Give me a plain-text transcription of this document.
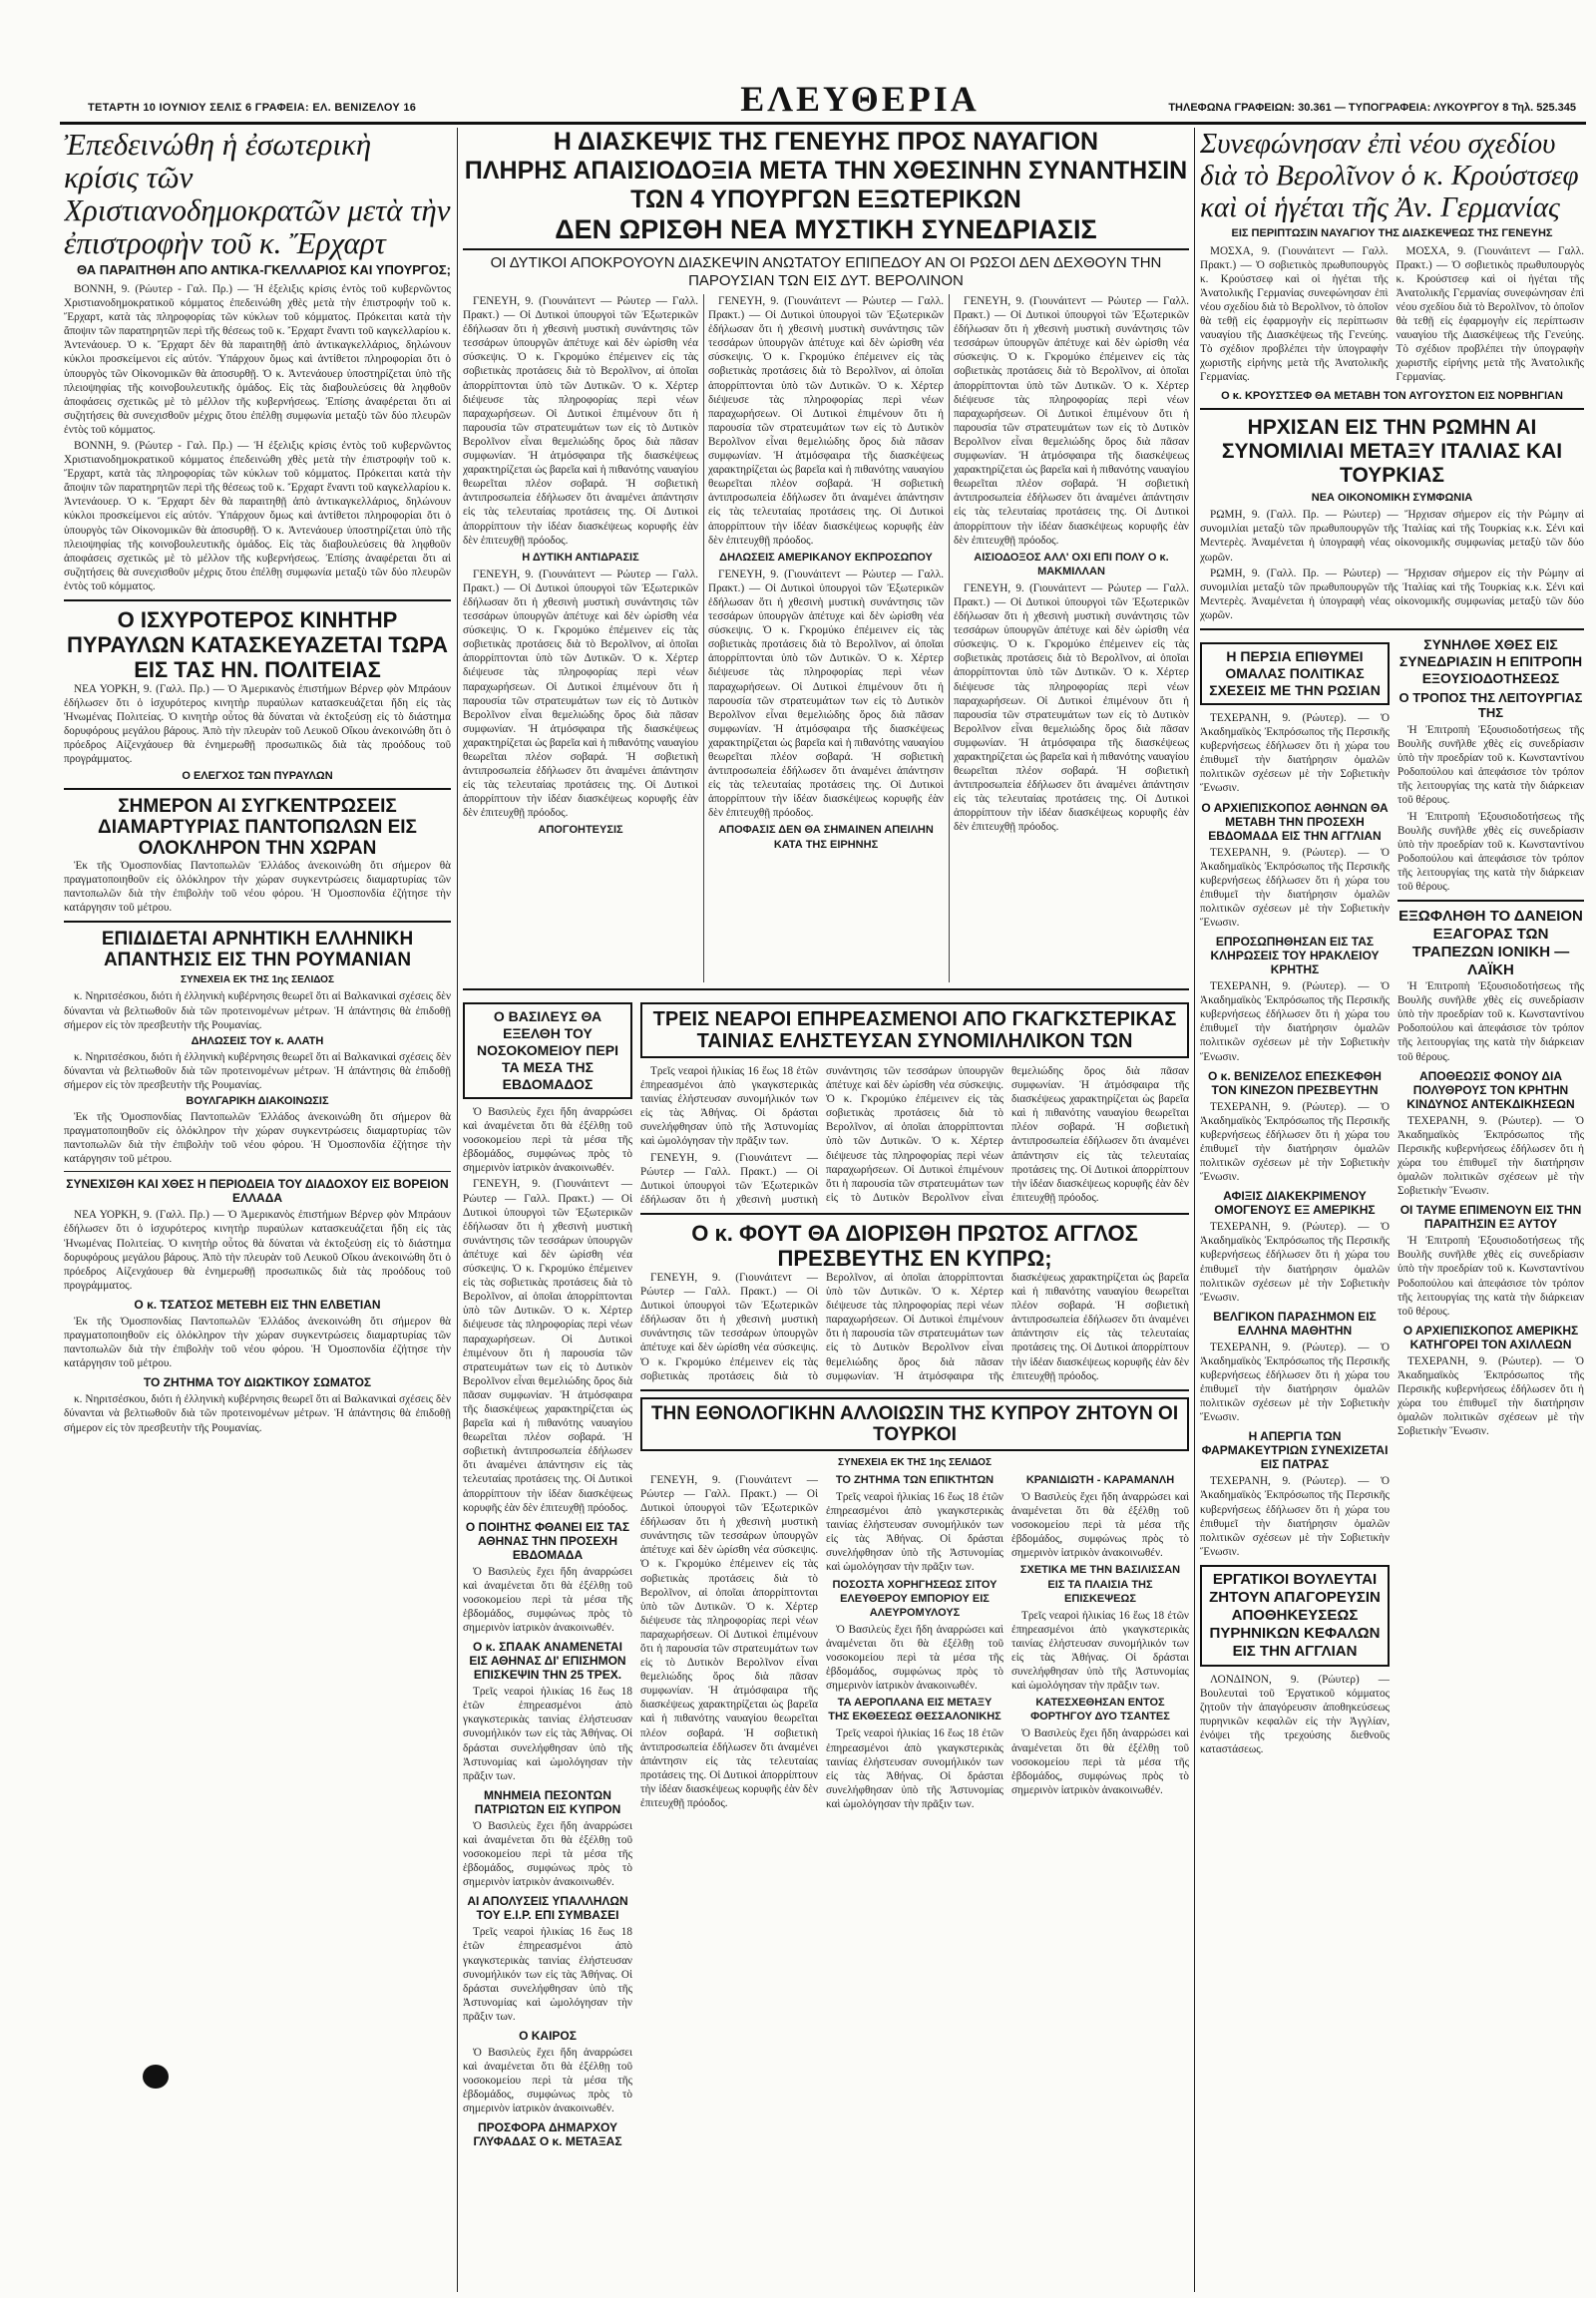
ΤΕΤΑΡΤΗ 10 ΙΟΥΝΙΟΥ ΣΕΛΙΣ 6 ΓΡΑΦΕΙΑ: ΕΛ. ΒΕΝΙΖΕΛΟΥ 16	ΕΛΕΥΘΕΡΙΑ	ΤΗΛΕΦΩΝΑ ΓΡΑΦΕΙΩΝ: 30.361 — ΤΥΠΟΓΡΑΦΕΙΑ: ΛΥΚΟΥΡΓΟΥ 8 Τηλ. 525.345
Ἐπεδεινώθη ἡ ἐσωτερικὴ κρίσις τῶν Χριστιανοδημοκρατῶν μετὰ τὴν ἐπιστροφὴν τοῦ κ. Ἔρχαρτ
ΘΑ ΠΑΡΑΙΤΗΘΗ ΑΠΟ ΑΝΤΙΚΑ-ΓΚΕΛΛΑΡΙΟΣ ΚΑΙ ΥΠΟΥΡΓΟΣ;

ΒΟΝΝΗ, 9. (Ρώυτερ - Γαλ. Πρ.) — Ἡ ἐξελιξις κρίσις ἐντὸς τοῦ κυβερνῶντος Χριστιανοδημοκρατικοῦ κόμματος ἐπεδεινώθη χθὲς μετὰ τὴν ἐπιστροφήν τοῦ κ. Ἔρχαρτ, κατὰ τὰς πληροφορίας τῶν κύκλων τοῦ κόμματος. Πρόκειται κατὰ τὴν ἄποψιν τῶν παρατηρητῶν περὶ τῆς θέσεως τοῦ κ. Ἔρχαρτ ἔναντι τοῦ καγκελλαρίου κ. Ἀντενάουερ. Ὁ κ. Ἔρχαρτ δὲν θὰ παραιτηθῇ ἀπὸ ἀντικαγκελλάριος, δηλώνουν κύκλοι προσκείμενοι εἰς αὐτόν. Ὑπάρχουν ὅμως καὶ ἀντίθετοι πληροφορίαι ὅτι ὁ ὑπουργὸς τῶν Οἰκονομικῶν θὰ ἀποσυρθῇ. Ὁ κ. Ἀντενάουερ ὑποστηρίζεται ὑπὸ τῆς πλειοψηφίας τῆς κοινοβουλευτικῆς ὁμάδος. Εἰς τὰς διαβουλεύσεις θὰ ληφθοῦν ἀποφάσεις σχετικῶς μὲ τὸ μέλλον τῆς κυβερνήσεως. Ἐπίσης ἀναφέρεται ὅτι αἱ συζητήσεις θὰ συνεχισθοῦν μέχρις ὅτου ἐπέλθῃ συμφωνία μεταξὺ τῶν δύο πλευρῶν ἐντὸς τοῦ κόμματος.

ΒΟΝΝΗ, 9. (Ρώυτερ - Γαλ. Πρ.) — Ἡ ἐξελιξις κρίσις ἐντὸς τοῦ κυβερνῶντος Χριστιανοδημοκρατικοῦ κόμματος ἐπεδεινώθη χθὲς μετὰ τὴν ἐπιστροφήν τοῦ κ. Ἔρχαρτ, κατὰ τὰς πληροφορίας τῶν κύκλων τοῦ κόμματος. Πρόκειται κατὰ τὴν ἄποψιν τῶν παρατηρητῶν περὶ τῆς θέσεως τοῦ κ. Ἔρχαρτ ἔναντι τοῦ καγκελλαρίου κ. Ἀντενάουερ. Ὁ κ. Ἔρχαρτ δὲν θὰ παραιτηθῇ ἀπὸ ἀντικαγκελλάριος, δηλώνουν κύκλοι προσκείμενοι εἰς αὐτόν. Ὑπάρχουν ὅμως καὶ ἀντίθετοι πληροφορίαι ὅτι ὁ ὑπουργὸς τῶν Οἰκονομικῶν θὰ ἀποσυρθῇ. Ὁ κ. Ἀντενάουερ ὑποστηρίζεται ὑπὸ τῆς πλειοψηφίας τῆς κοινοβουλευτικῆς ὁμάδος. Εἰς τὰς διαβουλεύσεις θὰ ληφθοῦν ἀποφάσεις σχετικῶς μὲ τὸ μέλλον τῆς κυβερνήσεως. Ἐπίσης ἀναφέρεται ὅτι αἱ συζητήσεις θὰ συνεχισθοῦν μέχρις ὅτου ἐπέλθῃ συμφωνία μεταξὺ τῶν δύο πλευρῶν ἐντὸς τοῦ κόμματος.

Ο ΙΣΧΥΡΟΤΕΡΟΣ ΚΙΝΗΤΗΡ ΠΥΡΑΥΛΩΝ ΚΑΤΑΣΚΕΥΑΖΕΤΑΙ ΤΩΡΑ ΕΙΣ ΤΑΣ ΗΝ. ΠΟΛΙΤΕΙΑΣ

ΝΕΑ ΥΟΡΚΗ, 9. (Γαλλ. Πρ.) — Ὁ Ἀμερικανὸς ἐπιστήμων Βέρνερ φὸν Μπράουν ἐδήλωσεν ὅτι ὁ ἰσχυρότερος κινητὴρ πυραύλων κατασκευάζεται ἤδη εἰς τὰς Ἡνωμένας Πολιτείας. Ὁ κινητὴρ οὗτος θὰ δύναται νὰ ἐκτοξεύσῃ εἰς τὸ διάστημα δορυφόρους μεγάλου βάρους. Ἀπὸ τὴν πλευρὰν τοῦ Λευκοῦ Οἴκου ἀνεκοινώθη ὅτι ὁ πρόεδρος Αἰζενχάουερ θὰ ἐνημερωθῇ προσωπικῶς διὰ τὰς προόδους τοῦ προγράμματος.

Ο ΕΛΕΓΧΟΣ ΤΩΝ ΠΥΡΑΥΛΩΝ
ΣΗΜΕΡΟΝ ΑΙ ΣΥΓΚΕΝΤΡΩΣΕΙΣ ΔΙΑΜΑΡΤΥΡΙΑΣ ΠΑΝΤΟΠΩΛΩΝ ΕΙΣ ΟΛΟΚΛΗΡΟΝ ΤΗΝ ΧΩΡΑΝ

Ἐκ τῆς Ὁμοσπονδίας Παντοπωλῶν Ἑλλάδος ἀνεκοινώθη ὅτι σήμερον θὰ πραγματοποιηθοῦν εἰς ὁλόκληρον τὴν χώραν συγκεντρώσεις διαμαρτυρίας τῶν παντοπωλῶν διὰ τὴν ἐπιβολὴν τοῦ νέου φόρου. Ἡ Ὁμοσπονδία ἐζήτησε τὴν κατάργησιν τοῦ μέτρου.

ΕΠΙΔΙΔΕΤΑΙ ΑΡΝΗΤΙΚΗ ΕΛΛΗΝΙΚΗ ΑΠΑΝΤΗΣΙΣ ΕΙΣ ΤΗΝ ΡΟΥΜΑΝΙΑΝ
ΣΥΝΕΧΕΙΑ ΕΚ ΤΗΣ 1ης ΣΕΛΙΔΟΣ

κ. Νηριτσέσκου, διότι ἡ ἐλληνικὴ κυβέρνησις θεωρεῖ ὅτι αἱ Βαλκανικαὶ σχέσεις δὲν δύνανται νὰ βελτιωθοῦν διὰ τῶν προτεινομένων μέτρων. Ἡ ἀπάντησις θὰ ἐπιδοθῇ σήμερον εἰς τὸν πρεσβευτὴν τῆς Ρουμανίας.

ΔΗΛΩΣΕΙΣ ΤΟΥ κ. ΑΛΑΤΗ

κ. Νηριτσέσκου, διότι ἡ ἐλληνικὴ κυβέρνησις θεωρεῖ ὅτι αἱ Βαλκανικαὶ σχέσεις δὲν δύνανται νὰ βελτιωθοῦν διὰ τῶν προτεινομένων μέτρων. Ἡ ἀπάντησις θὰ ἐπιδοθῇ σήμερον εἰς τὸν πρεσβευτὴν τῆς Ρουμανίας.

ΒΟΥΛΓΑΡΙΚΗ ΔΙΑΚΟΙΝΩΣΙΣ

Ἐκ τῆς Ὁμοσπονδίας Παντοπωλῶν Ἑλλάδος ἀνεκοινώθη ὅτι σήμερον θὰ πραγματοποιηθοῦν εἰς ὁλόκληρον τὴν χώραν συγκεντρώσεις διαμαρτυρίας τῶν παντοπωλῶν διὰ τὴν ἐπιβολὴν τοῦ νέου φόρου. Ἡ Ὁμοσπονδία ἐζήτησε τὴν κατάργησιν τοῦ μέτρου.

ΣΥΝΕΧΙΣΘΗ ΚΑΙ ΧΘΕΣ Η ΠΕΡΙΟΔΕΙΑ ΤΟΥ ΔΙΑΔΟΧΟΥ ΕΙΣ ΒΟΡΕΙΟΝ ΕΛΛΑΔΑ

ΝΕΑ ΥΟΡΚΗ, 9. (Γαλλ. Πρ.) — Ὁ Ἀμερικανὸς ἐπιστήμων Βέρνερ φὸν Μπράουν ἐδήλωσεν ὅτι ὁ ἰσχυρότερος κινητὴρ πυραύλων κατασκευάζεται ἤδη εἰς τὰς Ἡνωμένας Πολιτείας. Ὁ κινητὴρ οὗτος θὰ δύναται νὰ ἐκτοξεύσῃ εἰς τὸ διάστημα δορυφόρους μεγάλου βάρους. Ἀπὸ τὴν πλευρὰν τοῦ Λευκοῦ Οἴκου ἀνεκοινώθη ὅτι ὁ πρόεδρος Αἰζενχάουερ θὰ ἐνημερωθῇ προσωπικῶς διὰ τὰς προόδους τοῦ προγράμματος.

Ο κ. ΤΣΑΤΣΟΣ ΜΕΤΕΒΗ ΕΙΣ ΤΗΝ ΕΛΒΕΤΙΑΝ

Ἐκ τῆς Ὁμοσπονδίας Παντοπωλῶν Ἑλλάδος ἀνεκοινώθη ὅτι σήμερον θὰ πραγματοποιηθοῦν εἰς ὁλόκληρον τὴν χώραν συγκεντρώσεις διαμαρτυρίας τῶν παντοπωλῶν διὰ τὴν ἐπιβολὴν τοῦ νέου φόρου. Ἡ Ὁμοσπονδία ἐζήτησε τὴν κατάργησιν τοῦ μέτρου.

ΤΟ ΖΗΤΗΜΑ ΤΟΥ ΔΙΩΚΤΙΚΟΥ ΣΩΜΑΤΟΣ

κ. Νηριτσέσκου, διότι ἡ ἐλληνικὴ κυβέρνησις θεωρεῖ ὅτι αἱ Βαλκανικαὶ σχέσεις δὲν δύνανται νὰ βελτιωθοῦν διὰ τῶν προτεινομένων μέτρων. Ἡ ἀπάντησις θὰ ἐπιδοθῇ σήμερον εἰς τὸν πρεσβευτὴν τῆς Ρουμανίας.

Η ΔΙΑΣΚΕΨΙΣ ΤΗΣ ΓΕΝΕΥΗΣ ΠΡΟΣ ΝΑΥΑΓΙΟΝ
ΠΛΗΡΗΣ ΑΠΑΙΣΙΟΔΟΞΙΑ ΜΕΤΑ ΤΗΝ ΧΘΕΣΙΝΗΝ ΣΥΝΑΝΤΗΣΙΝ ΤΩΝ 4 ΥΠΟΥΡΓΩΝ ΕΞΩΤΕΡΙΚΩΝ
ΔΕΝ ΩΡΙΣΘΗ ΝΕΑ ΜΥΣΤΙΚΗ ΣΥΝΕΔΡΙΑΣΙΣ
ΟΙ ΔΥΤΙΚΟΙ ΑΠΟΚΡΟΥΟΥΝ ΔΙΑΣΚΕΨΙΝ ΑΝΩΤΑΤΟΥ ΕΠΙΠΕΔΟΥ ΑΝ ΟΙ ΡΩΣΟΙ ΔΕΝ ΔΕΧΘΟΥΝ ΤΗΝ ΠΑΡΟΥΣΙΑΝ ΤΩΝ ΕΙΣ ΔΥΤ. ΒΕΡΟΛΙΝΟΝ

ΓΕΝΕΥΗ, 9. (Γιουνάιτεντ — Ρώυτερ — Γαλλ. Πρακτ.) — Οἱ Δυτικοὶ ὑπουργοὶ τῶν Ἐξωτερικῶν ἐδήλωσαν ὅτι ἡ χθεσινὴ μυστικὴ συνάντησις τῶν τεσσάρων ὑπουργῶν ἀπέτυχε καὶ δὲν ὡρίσθη νέα σύσκεψις. Ὁ κ. Γκρομύκο ἐπέμεινεν εἰς τὰς σοβιετικὰς προτάσεις διὰ τὸ Βερολῖνον, αἱ ὁποῖαι ἀπορρίπτονται ὑπὸ τῶν Δυτικῶν. Ὁ κ. Χέρτερ διέψευσε τὰς πληροφορίας περὶ νέων παραχωρήσεων. Οἱ Δυτικοὶ ἐπιμένουν ὅτι ἡ παρουσία τῶν στρατευμάτων των εἰς τὸ Δυτικὸν Βερολῖνον εἶναι θεμελιώδης ὅρος διὰ πᾶσαν συμφωνίαν. Ἡ ἀτμόσφαιρα τῆς διασκέψεως χαρακτηρίζεται ὡς βαρεῖα καὶ ἡ πιθανότης ναυαγίου θεωρεῖται πλέον σοβαρά. Ἡ σοβιετικὴ ἀντιπροσωπεία ἐδήλωσεν ὅτι ἀναμένει ἀπάντησιν εἰς τὰς τελευταίας προτάσεις της. Οἱ Δυτικοὶ ἀπορρίπτουν τὴν ἰδέαν διασκέψεως κορυφῆς ἐὰν δὲν ἐπιτευχθῇ πρόοδος.

Η ΔΥΤΙΚΗ ΑΝΤΙΔΡΑΣΙΣ

ΓΕΝΕΥΗ, 9. (Γιουνάιτεντ — Ρώυτερ — Γαλλ. Πρακτ.) — Οἱ Δυτικοὶ ὑπουργοὶ τῶν Ἐξωτερικῶν ἐδήλωσαν ὅτι ἡ χθεσινὴ μυστικὴ συνάντησις τῶν τεσσάρων ὑπουργῶν ἀπέτυχε καὶ δὲν ὡρίσθη νέα σύσκεψις. Ὁ κ. Γκρομύκο ἐπέμεινεν εἰς τὰς σοβιετικὰς προτάσεις διὰ τὸ Βερολῖνον, αἱ ὁποῖαι ἀπορρίπτονται ὑπὸ τῶν Δυτικῶν. Ὁ κ. Χέρτερ διέψευσε τὰς πληροφορίας περὶ νέων παραχωρήσεων. Οἱ Δυτικοὶ ἐπιμένουν ὅτι ἡ παρουσία τῶν στρατευμάτων των εἰς τὸ Δυτικὸν Βερολῖνον εἶναι θεμελιώδης ὅρος διὰ πᾶσαν συμφωνίαν. Ἡ ἀτμόσφαιρα τῆς διασκέψεως χαρακτηρίζεται ὡς βαρεῖα καὶ ἡ πιθανότης ναυαγίου θεωρεῖται πλέον σοβαρά. Ἡ σοβιετικὴ ἀντιπροσωπεία ἐδήλωσεν ὅτι ἀναμένει ἀπάντησιν εἰς τὰς τελευταίας προτάσεις της. Οἱ Δυτικοὶ ἀπορρίπτουν τὴν ἰδέαν διασκέψεως κορυφῆς ἐὰν δὲν ἐπιτευχθῇ πρόοδος.

ΑΠΟΓΟΗΤΕΥΣΙΣ

ΓΕΝΕΥΗ, 9. (Γιουνάιτεντ — Ρώυτερ — Γαλλ. Πρακτ.) — Οἱ Δυτικοὶ ὑπουργοὶ τῶν Ἐξωτερικῶν ἐδήλωσαν ὅτι ἡ χθεσινὴ μυστικὴ συνάντησις τῶν τεσσάρων ὑπουργῶν ἀπέτυχε καὶ δὲν ὡρίσθη νέα σύσκεψις. Ὁ κ. Γκρομύκο ἐπέμεινεν εἰς τὰς σοβιετικὰς προτάσεις διὰ τὸ Βερολῖνον, αἱ ὁποῖαι ἀπορρίπτονται ὑπὸ τῶν Δυτικῶν. Ὁ κ. Χέρτερ διέψευσε τὰς πληροφορίας περὶ νέων παραχωρήσεων. Οἱ Δυτικοὶ ἐπιμένουν ὅτι ἡ παρουσία τῶν στρατευμάτων των εἰς τὸ Δυτικὸν Βερολῖνον εἶναι θεμελιώδης ὅρος διὰ πᾶσαν συμφωνίαν. Ἡ ἀτμόσφαιρα τῆς διασκέψεως χαρακτηρίζεται ὡς βαρεῖα καὶ ἡ πιθανότης ναυαγίου θεωρεῖται πλέον σοβαρά. Ἡ σοβιετικὴ ἀντιπροσωπεία ἐδήλωσεν ὅτι ἀναμένει ἀπάντησιν εἰς τὰς τελευταίας προτάσεις της. Οἱ Δυτικοὶ ἀπορρίπτουν τὴν ἰδέαν διασκέψεως κορυφῆς ἐὰν δὲν ἐπιτευχθῇ πρόοδος.

ΔΗΛΩΣΕΙΣ ΑΜΕΡΙΚΑΝΟΥ ΕΚΠΡΟΣΩΠΟΥ

ΓΕΝΕΥΗ, 9. (Γιουνάιτεντ — Ρώυτερ — Γαλλ. Πρακτ.) — Οἱ Δυτικοὶ ὑπουργοὶ τῶν Ἐξωτερικῶν ἐδήλωσαν ὅτι ἡ χθεσινὴ μυστικὴ συνάντησις τῶν τεσσάρων ὑπουργῶν ἀπέτυχε καὶ δὲν ὡρίσθη νέα σύσκεψις. Ὁ κ. Γκρομύκο ἐπέμεινεν εἰς τὰς σοβιετικὰς προτάσεις διὰ τὸ Βερολῖνον, αἱ ὁποῖαι ἀπορρίπτονται ὑπὸ τῶν Δυτικῶν. Ὁ κ. Χέρτερ διέψευσε τὰς πληροφορίας περὶ νέων παραχωρήσεων. Οἱ Δυτικοὶ ἐπιμένουν ὅτι ἡ παρουσία τῶν στρατευμάτων των εἰς τὸ Δυτικὸν Βερολῖνον εἶναι θεμελιώδης ὅρος διὰ πᾶσαν συμφωνίαν. Ἡ ἀτμόσφαιρα τῆς διασκέψεως χαρακτηρίζεται ὡς βαρεῖα καὶ ἡ πιθανότης ναυαγίου θεωρεῖται πλέον σοβαρά. Ἡ σοβιετικὴ ἀντιπροσωπεία ἐδήλωσεν ὅτι ἀναμένει ἀπάντησιν εἰς τὰς τελευταίας προτάσεις της. Οἱ Δυτικοὶ ἀπορρίπτουν τὴν ἰδέαν διασκέψεως κορυφῆς ἐὰν δὲν ἐπιτευχθῇ πρόοδος.

ΑΠΟΦΑΣΙΣ ΔΕΝ ΘΑ ΣΗΜΑΙΝΕΝ ΑΠΕΙΛΗΝ ΚΑΤΑ ΤΗΣ ΕΙΡΗΝΗΣ

ΓΕΝΕΥΗ, 9. (Γιουνάιτεντ — Ρώυτερ — Γαλλ. Πρακτ.) — Οἱ Δυτικοὶ ὑπουργοὶ τῶν Ἐξωτερικῶν ἐδήλωσαν ὅτι ἡ χθεσινὴ μυστικὴ συνάντησις τῶν τεσσάρων ὑπουργῶν ἀπέτυχε καὶ δὲν ὡρίσθη νέα σύσκεψις. Ὁ κ. Γκρομύκο ἐπέμεινεν εἰς τὰς σοβιετικὰς προτάσεις διὰ τὸ Βερολῖνον, αἱ ὁποῖαι ἀπορρίπτονται ὑπὸ τῶν Δυτικῶν. Ὁ κ. Χέρτερ διέψευσε τὰς πληροφορίας περὶ νέων παραχωρήσεων. Οἱ Δυτικοὶ ἐπιμένουν ὅτι ἡ παρουσία τῶν στρατευμάτων των εἰς τὸ Δυτικὸν Βερολῖνον εἶναι θεμελιώδης ὅρος διὰ πᾶσαν συμφωνίαν. Ἡ ἀτμόσφαιρα τῆς διασκέψεως χαρακτηρίζεται ὡς βαρεῖα καὶ ἡ πιθανότης ναυαγίου θεωρεῖται πλέον σοβαρά. Ἡ σοβιετικὴ ἀντιπροσωπεία ἐδήλωσεν ὅτι ἀναμένει ἀπάντησιν εἰς τὰς τελευταίας προτάσεις της. Οἱ Δυτικοὶ ἀπορρίπτουν τὴν ἰδέαν διασκέψεως κορυφῆς ἐὰν δὲν ἐπιτευχθῇ πρόοδος.

ΑΙΣΙΟΔΟΞΟΣ ΑΛΛ' ΟΧΙ ΕΠΙ ΠΟΛΥ Ο κ. ΜΑΚΜΙΛΛΑΝ

ΓΕΝΕΥΗ, 9. (Γιουνάιτεντ — Ρώυτερ — Γαλλ. Πρακτ.) — Οἱ Δυτικοὶ ὑπουργοὶ τῶν Ἐξωτερικῶν ἐδήλωσαν ὅτι ἡ χθεσινὴ μυστικὴ συνάντησις τῶν τεσσάρων ὑπουργῶν ἀπέτυχε καὶ δὲν ὡρίσθη νέα σύσκεψις. Ὁ κ. Γκρομύκο ἐπέμεινεν εἰς τὰς σοβιετικὰς προτάσεις διὰ τὸ Βερολῖνον, αἱ ὁποῖαι ἀπορρίπτονται ὑπὸ τῶν Δυτικῶν. Ὁ κ. Χέρτερ διέψευσε τὰς πληροφορίας περὶ νέων παραχωρήσεων. Οἱ Δυτικοὶ ἐπιμένουν ὅτι ἡ παρουσία τῶν στρατευμάτων των εἰς τὸ Δυτικὸν Βερολῖνον εἶναι θεμελιώδης ὅρος διὰ πᾶσαν συμφωνίαν. Ἡ ἀτμόσφαιρα τῆς διασκέψεως χαρακτηρίζεται ὡς βαρεῖα καὶ ἡ πιθανότης ναυαγίου θεωρεῖται πλέον σοβαρά. Ἡ σοβιετικὴ ἀντιπροσωπεία ἐδήλωσεν ὅτι ἀναμένει ἀπάντησιν εἰς τὰς τελευταίας προτάσεις της. Οἱ Δυτικοὶ ἀπορρίπτουν τὴν ἰδέαν διασκέψεως κορυφῆς ἐὰν δὲν ἐπιτευχθῇ πρόοδος.

Ο ΒΑΣΙΛΕΥΣ ΘΑ ΕΞΕΛΘΗ ΤΟΥ ΝΟΣΟΚΟΜΕΙΟΥ ΠΕΡΙ ΤΑ ΜΕΣΑ ΤΗΣ ΕΒΔΟΜΑΔΟΣ

Ὁ Βασιλεὺς ἔχει ἤδη ἀναρρώσει καὶ ἀναμένεται ὅτι θὰ ἐξέλθῃ τοῦ νοσοκομείου περὶ τὰ μέσα τῆς ἑβδομάδος, συμφώνως πρὸς τὸ σημερινὸν ἰατρικὸν ἀνακοινωθέν.

ΓΕΝΕΥΗ, 9. (Γιουνάιτεντ — Ρώυτερ — Γαλλ. Πρακτ.) — Οἱ Δυτικοὶ ὑπουργοὶ τῶν Ἐξωτερικῶν ἐδήλωσαν ὅτι ἡ χθεσινὴ μυστικὴ συνάντησις τῶν τεσσάρων ὑπουργῶν ἀπέτυχε καὶ δὲν ὡρίσθη νέα σύσκεψις. Ὁ κ. Γκρομύκο ἐπέμεινεν εἰς τὰς σοβιετικὰς προτάσεις διὰ τὸ Βερολῖνον, αἱ ὁποῖαι ἀπορρίπτονται ὑπὸ τῶν Δυτικῶν. Ὁ κ. Χέρτερ διέψευσε τὰς πληροφορίας περὶ νέων παραχωρήσεων. Οἱ Δυτικοὶ ἐπιμένουν ὅτι ἡ παρουσία τῶν στρατευμάτων των εἰς τὸ Δυτικὸν Βερολῖνον εἶναι θεμελιώδης ὅρος διὰ πᾶσαν συμφωνίαν. Ἡ ἀτμόσφαιρα τῆς διασκέψεως χαρακτηρίζεται ὡς βαρεῖα καὶ ἡ πιθανότης ναυαγίου θεωρεῖται πλέον σοβαρά. Ἡ σοβιετικὴ ἀντιπροσωπεία ἐδήλωσεν ὅτι ἀναμένει ἀπάντησιν εἰς τὰς τελευταίας προτάσεις της. Οἱ Δυτικοὶ ἀπορρίπτουν τὴν ἰδέαν διασκέψεως κορυφῆς ἐὰν δὲν ἐπιτευχθῇ πρόοδος.

Ο ΠΟΙΗΤΗΣ ΦΘΑΝΕΙ ΕΙΣ ΤΑΣ ΑΘΗΝΑΣ ΤΗΝ ΠΡΟΣΕΧΗ ΕΒΔΟΜΑΔΑ

Ὁ Βασιλεὺς ἔχει ἤδη ἀναρρώσει καὶ ἀναμένεται ὅτι θὰ ἐξέλθῃ τοῦ νοσοκομείου περὶ τὰ μέσα τῆς ἑβδομάδος, συμφώνως πρὸς τὸ σημερινὸν ἰατρικὸν ἀνακοινωθέν.

Ο κ. ΣΠΑΑΚ ΑΝΑΜΕΝΕΤΑΙ ΕΙΣ ΑΘΗΝΑΣ ΔΙ' ΕΠΙΣΗΜΟΝ ΕΠΙΣΚΕΨΙΝ ΤΗΝ 25 ΤΡΕΧ.

Τρεῖς νεαροὶ ἡλικίας 16 ἕως 18 ἐτῶν ἐπηρεασμένοι ἀπὸ γκαγκστερικὰς ταινίας ἐλήστευσαν συνομήλικόν των εἰς τὰς Ἀθήνας. Οἱ δράσται συνελήφθησαν ὑπὸ τῆς Ἀστυνομίας καὶ ὡμολόγησαν τὴν πρᾶξιν των.

ΜΝΗΜΕΙΑ ΠΕΣΟΝΤΩΝ ΠΑΤΡΙΩΤΩΝ ΕΙΣ ΚΥΠΡΟΝ

Ὁ Βασιλεὺς ἔχει ἤδη ἀναρρώσει καὶ ἀναμένεται ὅτι θὰ ἐξέλθῃ τοῦ νοσοκομείου περὶ τὰ μέσα τῆς ἑβδομάδος, συμφώνως πρὸς τὸ σημερινὸν ἰατρικὸν ἀνακοινωθέν.

ΑΙ ΑΠΟΛΥΣΕΙΣ ΥΠΑΛΛΗΛΩΝ ΤΟΥ Ε.Ι.Ρ. ΕΠΙ ΣΥΜΒΑΣΕΙ

Τρεῖς νεαροὶ ἡλικίας 16 ἕως 18 ἐτῶν ἐπηρεασμένοι ἀπὸ γκαγκστερικὰς ταινίας ἐλήστευσαν συνομήλικόν των εἰς τὰς Ἀθήνας. Οἱ δράσται συνελήφθησαν ὑπὸ τῆς Ἀστυνομίας καὶ ὡμολόγησαν τὴν πρᾶξιν των.

Ο ΚΑΙΡΟΣ

Ὁ Βασιλεὺς ἔχει ἤδη ἀναρρώσει καὶ ἀναμένεται ὅτι θὰ ἐξέλθῃ τοῦ νοσοκομείου περὶ τὰ μέσα τῆς ἑβδομάδος, συμφώνως πρὸς τὸ σημερινὸν ἰατρικὸν ἀνακοινωθέν.

ΠΡΟΣΦΟΡΑ ΔΗΜΑΡΧΟΥ ΓΛΥΦΑΔΑΣ Ο κ. ΜΕΤΑΞΑΣ
ΤΡΕΙΣ ΝΕΑΡΟΙ ΕΠΗΡΕΑΣΜΕΝΟΙ ΑΠΟ ΓΚΑΓΚΣΤΕΡΙΚΑΣ ΤΑΙΝΙΑΣ ΕΛΗΣΤΕΥΣΑΝ ΣΥΝΟΜΙΛΗΛΙΚΟΝ ΤΩΝ

Τρεῖς νεαροὶ ἡλικίας 16 ἕως 18 ἐτῶν ἐπηρεασμένοι ἀπὸ γκαγκστερικὰς ταινίας ἐλήστευσαν συνομήλικόν των εἰς τὰς Ἀθήνας. Οἱ δράσται συνελήφθησαν ὑπὸ τῆς Ἀστυνομίας καὶ ὡμολόγησαν τὴν πρᾶξιν των.

ΓΕΝΕΥΗ, 9. (Γιουνάιτεντ — Ρώυτερ — Γαλλ. Πρακτ.) — Οἱ Δυτικοὶ ὑπουργοὶ τῶν Ἐξωτερικῶν ἐδήλωσαν ὅτι ἡ χθεσινὴ μυστικὴ συνάντησις τῶν τεσσάρων ὑπουργῶν ἀπέτυχε καὶ δὲν ὡρίσθη νέα σύσκεψις. Ὁ κ. Γκρομύκο ἐπέμεινεν εἰς τὰς σοβιετικὰς προτάσεις διὰ τὸ Βερολῖνον, αἱ ὁποῖαι ἀπορρίπτονται ὑπὸ τῶν Δυτικῶν. Ὁ κ. Χέρτερ διέψευσε τὰς πληροφορίας περὶ νέων παραχωρήσεων. Οἱ Δυτικοὶ ἐπιμένουν ὅτι ἡ παρουσία τῶν στρατευμάτων των εἰς τὸ Δυτικὸν Βερολῖνον εἶναι θεμελιώδης ὅρος διὰ πᾶσαν συμφωνίαν. Ἡ ἀτμόσφαιρα τῆς διασκέψεως χαρακτηρίζεται ὡς βαρεῖα καὶ ἡ πιθανότης ναυαγίου θεωρεῖται πλέον σοβαρά. Ἡ σοβιετικὴ ἀντιπροσωπεία ἐδήλωσεν ὅτι ἀναμένει ἀπάντησιν εἰς τὰς τελευταίας προτάσεις της. Οἱ Δυτικοὶ ἀπορρίπτουν τὴν ἰδέαν διασκέψεως κορυφῆς ἐὰν δὲν ἐπιτευχθῇ πρόοδος.

Ο κ. ΦΟΥΤ ΘΑ ΔΙΟΡΙΣΘΗ ΠΡΩΤΟΣ ΑΓΓΛΟΣ ΠΡΕΣΒΕΥΤΗΣ ΕΝ ΚΥΠΡΩ;

ΓΕΝΕΥΗ, 9. (Γιουνάιτεντ — Ρώυτερ — Γαλλ. Πρακτ.) — Οἱ Δυτικοὶ ὑπουργοὶ τῶν Ἐξωτερικῶν ἐδήλωσαν ὅτι ἡ χθεσινὴ μυστικὴ συνάντησις τῶν τεσσάρων ὑπουργῶν ἀπέτυχε καὶ δὲν ὡρίσθη νέα σύσκεψις. Ὁ κ. Γκρομύκο ἐπέμεινεν εἰς τὰς σοβιετικὰς προτάσεις διὰ τὸ Βερολῖνον, αἱ ὁποῖαι ἀπορρίπτονται ὑπὸ τῶν Δυτικῶν. Ὁ κ. Χέρτερ διέψευσε τὰς πληροφορίας περὶ νέων παραχωρήσεων. Οἱ Δυτικοὶ ἐπιμένουν ὅτι ἡ παρουσία τῶν στρατευμάτων των εἰς τὸ Δυτικὸν Βερολῖνον εἶναι θεμελιώδης ὅρος διὰ πᾶσαν συμφωνίαν. Ἡ ἀτμόσφαιρα τῆς διασκέψεως χαρακτηρίζεται ὡς βαρεῖα καὶ ἡ πιθανότης ναυαγίου θεωρεῖται πλέον σοβαρά. Ἡ σοβιετικὴ ἀντιπροσωπεία ἐδήλωσεν ὅτι ἀναμένει ἀπάντησιν εἰς τὰς τελευταίας προτάσεις της. Οἱ Δυτικοὶ ἀπορρίπτουν τὴν ἰδέαν διασκέψεως κορυφῆς ἐὰν δὲν ἐπιτευχθῇ πρόοδος.

ΤΗΝ ΕΘΝΟΛΟΓΙΚΗΝ ΑΛΛΟΙΩΣΙΝ ΤΗΣ ΚΥΠΡΟΥ ΖΗΤΟΥΝ ΟΙ ΤΟΥΡΚΟΙ
ΣΥΝΕΧΕΙΑ ΕΚ ΤΗΣ 1ης ΣΕΛΙΔΟΣ

ΓΕΝΕΥΗ, 9. (Γιουνάιτεντ — Ρώυτερ — Γαλλ. Πρακτ.) — Οἱ Δυτικοὶ ὑπουργοὶ τῶν Ἐξωτερικῶν ἐδήλωσαν ὅτι ἡ χθεσινὴ μυστικὴ συνάντησις τῶν τεσσάρων ὑπουργῶν ἀπέτυχε καὶ δὲν ὡρίσθη νέα σύσκεψις. Ὁ κ. Γκρομύκο ἐπέμεινεν εἰς τὰς σοβιετικὰς προτάσεις διὰ τὸ Βερολῖνον, αἱ ὁποῖαι ἀπορρίπτονται ὑπὸ τῶν Δυτικῶν. Ὁ κ. Χέρτερ διέψευσε τὰς πληροφορίας περὶ νέων παραχωρήσεων. Οἱ Δυτικοὶ ἐπιμένουν ὅτι ἡ παρουσία τῶν στρατευμάτων των εἰς τὸ Δυτικὸν Βερολῖνον εἶναι θεμελιώδης ὅρος διὰ πᾶσαν συμφωνίαν. Ἡ ἀτμόσφαιρα τῆς διασκέψεως χαρακτηρίζεται ὡς βαρεῖα καὶ ἡ πιθανότης ναυαγίου θεωρεῖται πλέον σοβαρά. Ἡ σοβιετικὴ ἀντιπροσωπεία ἐδήλωσεν ὅτι ἀναμένει ἀπάντησιν εἰς τὰς τελευταίας προτάσεις της. Οἱ Δυτικοὶ ἀπορρίπτουν τὴν ἰδέαν διασκέψεως κορυφῆς ἐὰν δὲν ἐπιτευχθῇ πρόοδος.

ΤΟ ΖΗΤΗΜΑ ΤΩΝ ΕΠΙΚΤΗΤΩΝ

Τρεῖς νεαροὶ ἡλικίας 16 ἕως 18 ἐτῶν ἐπηρεασμένοι ἀπὸ γκαγκστερικὰς ταινίας ἐλήστευσαν συνομήλικόν των εἰς τὰς Ἀθήνας. Οἱ δράσται συνελήφθησαν ὑπὸ τῆς Ἀστυνομίας καὶ ὡμολόγησαν τὴν πρᾶξιν των.

ΠΟΣΟΣΤΑ ΧΟΡΗΓΗΣΕΩΣ ΣΙΤΟΥ ΕΛΕΥΘΕΡΟΥ ΕΜΠΟΡΙΟΥ ΕΙΣ ΑΛΕΥΡΟΜΥΛΟΥΣ

Ὁ Βασιλεὺς ἔχει ἤδη ἀναρρώσει καὶ ἀναμένεται ὅτι θὰ ἐξέλθῃ τοῦ νοσοκομείου περὶ τὰ μέσα τῆς ἑβδομάδος, συμφώνως πρὸς τὸ σημερινὸν ἰατρικὸν ἀνακοινωθέν.

ΤΑ ΑΕΡΟΠΛΑΝΑ ΕΙΣ ΜΕΤΑΞΥ ΤΗΣ ΕΚΘΕΣΕΩΣ ΘΕΣΣΑΛΟΝΙΚΗΣ

Τρεῖς νεαροὶ ἡλικίας 16 ἕως 18 ἐτῶν ἐπηρεασμένοι ἀπὸ γκαγκστερικὰς ταινίας ἐλήστευσαν συνομήλικόν των εἰς τὰς Ἀθήνας. Οἱ δράσται συνελήφθησαν ὑπὸ τῆς Ἀστυνομίας καὶ ὡμολόγησαν τὴν πρᾶξιν των.

ΚΡΑΝΙΔΙΩΤΗ - ΚΑΡΑΜΑΝΛΗ

Ὁ Βασιλεὺς ἔχει ἤδη ἀναρρώσει καὶ ἀναμένεται ὅτι θὰ ἐξέλθῃ τοῦ νοσοκομείου περὶ τὰ μέσα τῆς ἑβδομάδος, συμφώνως πρὸς τὸ σημερινὸν ἰατρικὸν ἀνακοινωθέν.

ΣΧΕΤΙΚΑ ΜΕ ΤΗΝ ΒΑΣΙΛΙΣΣΑΝ ΕΙΣ ΤΑ ΠΛΑΙΣΙΑ ΤΗΣ ΕΠΙΣΚΕΨΕΩΣ

Τρεῖς νεαροὶ ἡλικίας 16 ἕως 18 ἐτῶν ἐπηρεασμένοι ἀπὸ γκαγκστερικὰς ταινίας ἐλήστευσαν συνομήλικόν των εἰς τὰς Ἀθήνας. Οἱ δράσται συνελήφθησαν ὑπὸ τῆς Ἀστυνομίας καὶ ὡμολόγησαν τὴν πρᾶξιν των.

ΚΑΤΕΣΧΕΘΗΣΑΝ ΕΝΤΟΣ ΦΟΡΤΗΓΟΥ ΔΥΟ ΤΣΑΝΤΕΣ

Ὁ Βασιλεὺς ἔχει ἤδη ἀναρρώσει καὶ ἀναμένεται ὅτι θὰ ἐξέλθῃ τοῦ νοσοκομείου περὶ τὰ μέσα τῆς ἑβδομάδος, συμφώνως πρὸς τὸ σημερινὸν ἰατρικὸν ἀνακοινωθέν.

Συνεφώνησαν ἐπὶ νέου σχεδίου διὰ τὸ Βερολῖνον ὁ κ. Κρούστσεφ καὶ οἱ ἡγέται τῆς Ἀν. Γερμανίας
ΕΙΣ ΠΕΡΙΠΤΩΣΙΝ ΝΑΥΑΓΙΟΥ ΤΗΣ ΔΙΑΣΚΕΨΕΩΣ ΤΗΣ ΓΕΝΕΥΗΣ

ΜΟΣΧΑ, 9. (Γιουνάιτεντ — Γαλλ. Πρακτ.) — Ὁ σοβιετικὸς πρωθυπουργὸς κ. Κρούστσεφ καὶ οἱ ἡγέται τῆς Ἀνατολικῆς Γερμανίας συνεφώνησαν ἐπὶ νέου σχεδίου διὰ τὸ Βερολῖνον, τὸ ὁποῖον θὰ τεθῇ εἰς ἐφαρμογὴν εἰς περίπτωσιν ναυαγίου τῆς Διασκέψεως τῆς Γενεύης. Τὸ σχέδιον προβλέπει τὴν ὑπογραφὴν χωριστῆς εἰρήνης μετὰ τῆς Ἀνατολικῆς Γερμανίας.

ΜΟΣΧΑ, 9. (Γιουνάιτεντ — Γαλλ. Πρακτ.) — Ὁ σοβιετικὸς πρωθυπουργὸς κ. Κρούστσεφ καὶ οἱ ἡγέται τῆς Ἀνατολικῆς Γερμανίας συνεφώνησαν ἐπὶ νέου σχεδίου διὰ τὸ Βερολῖνον, τὸ ὁποῖον θὰ τεθῇ εἰς ἐφαρμογὴν εἰς περίπτωσιν ναυαγίου τῆς Διασκέψεως τῆς Γενεύης. Τὸ σχέδιον προβλέπει τὴν ὑπογραφὴν χωριστῆς εἰρήνης μετὰ τῆς Ἀνατολικῆς Γερμανίας.

Ο κ. ΚΡΟΥΣΤΣΕΦ ΘΑ ΜΕΤΑΒΗ ΤΟΝ ΑΥΓΟΥΣΤΟΝ ΕΙΣ ΝΟΡΒΗΓΙΑΝ
ΗΡΧΙΣΑΝ ΕΙΣ ΤΗΝ ΡΩΜΗΝ ΑΙ ΣΥΝΟΜΙΛΙΑΙ ΜΕΤΑΞΥ ΙΤΑΛΙΑΣ ΚΑΙ ΤΟΥΡΚΙΑΣ
ΝΕΑ ΟΙΚΟΝΟΜΙΚΗ ΣΥΜΦΩΝΙΑ

ΡΩΜΗ, 9. (Γαλλ. Πρ. — Ρώυτερ) — Ἤρχισαν σήμερον εἰς τὴν Ρώμην αἱ συνομιλίαι μεταξὺ τῶν πρωθυπουργῶν τῆς Ἰταλίας καὶ τῆς Τουρκίας κ.κ. Σένι καὶ Μεντερὲς. Ἀναμένεται ἡ ὑπογραφὴ νέας οἰκονομικῆς συμφωνίας μεταξὺ τῶν δύο χωρῶν.

ΡΩΜΗ, 9. (Γαλλ. Πρ. — Ρώυτερ) — Ἤρχισαν σήμερον εἰς τὴν Ρώμην αἱ συνομιλίαι μεταξὺ τῶν πρωθυπουργῶν τῆς Ἰταλίας καὶ τῆς Τουρκίας κ.κ. Σένι καὶ Μεντερὲς. Ἀναμένεται ἡ ὑπογραφὴ νέας οἰκονομικῆς συμφωνίας μεταξὺ τῶν δύο χωρῶν.

Η ΠΕΡΣΙΑ ΕΠΙΘΥΜΕΙ ΟΜΑΛΑΣ ΠΟΛΙΤΙΚΑΣ ΣΧΕΣΕΙΣ ΜΕ ΤΗΝ ΡΩΣΙΑΝ

ΤΕΧΕΡΑΝΗ, 9. (Ρώυτερ). — Ὁ Ἀκαδημαϊκὸς Ἐκπρόσωπος τῆς Περσικῆς κυβερνήσεως ἐδήλωσεν ὅτι ἡ χώρα του ἐπιθυμεῖ τὴν διατήρησιν ὁμαλῶν πολιτικῶν σχέσεων μὲ τὴν Σοβιετικὴν Ἕνωσιν.

Ο ΑΡΧΙΕΠΙΣΚΟΠΟΣ ΑΘΗΝΩΝ ΘΑ ΜΕΤΑΒΗ ΤΗΝ ΠΡΟΣΕΧΗ ΕΒΔΟΜΑΔΑ ΕΙΣ ΤΗΝ ΑΓΓΛΙΑΝ

ΤΕΧΕΡΑΝΗ, 9. (Ρώυτερ). — Ὁ Ἀκαδημαϊκὸς Ἐκπρόσωπος τῆς Περσικῆς κυβερνήσεως ἐδήλωσεν ὅτι ἡ χώρα του ἐπιθυμεῖ τὴν διατήρησιν ὁμαλῶν πολιτικῶν σχέσεων μὲ τὴν Σοβιετικὴν Ἕνωσιν.

ΕΠΡΟΣΩΠΗΘΗΣΑΝ ΕΙΣ ΤΑΣ ΚΛΗΡΩΣΕΙΣ ΤΟΥ ΗΡΑΚΛΕΙΟΥ ΚΡΗΤΗΣ

ΤΕΧΕΡΑΝΗ, 9. (Ρώυτερ). — Ὁ Ἀκαδημαϊκὸς Ἐκπρόσωπος τῆς Περσικῆς κυβερνήσεως ἐδήλωσεν ὅτι ἡ χώρα του ἐπιθυμεῖ τὴν διατήρησιν ὁμαλῶν πολιτικῶν σχέσεων μὲ τὴν Σοβιετικὴν Ἕνωσιν.

Ο κ. ΒΕΝΙΖΕΛΟΣ ΕΠΕΣΚΕΦΘΗ ΤΟΝ ΚΙΝΕΖΟΝ ΠΡΕΣΒΕΥΤΗΝ

ΤΕΧΕΡΑΝΗ, 9. (Ρώυτερ). — Ὁ Ἀκαδημαϊκὸς Ἐκπρόσωπος τῆς Περσικῆς κυβερνήσεως ἐδήλωσεν ὅτι ἡ χώρα του ἐπιθυμεῖ τὴν διατήρησιν ὁμαλῶν πολιτικῶν σχέσεων μὲ τὴν Σοβιετικὴν Ἕνωσιν.

ΑΦΙΞΙΣ ΔΙΑΚΕΚΡΙΜΕΝΟΥ ΟΜΟΓΕΝΟΥΣ ΕΞ ΑΜΕΡΙΚΗΣ

ΤΕΧΕΡΑΝΗ, 9. (Ρώυτερ). — Ὁ Ἀκαδημαϊκὸς Ἐκπρόσωπος τῆς Περσικῆς κυβερνήσεως ἐδήλωσεν ὅτι ἡ χώρα του ἐπιθυμεῖ τὴν διατήρησιν ὁμαλῶν πολιτικῶν σχέσεων μὲ τὴν Σοβιετικὴν Ἕνωσιν.

ΒΕΛΓΙΚΟΝ ΠΑΡΑΣΗΜΟΝ ΕΙΣ ΕΛΛΗΝΑ ΜΑΘΗΤΗΝ

ΤΕΧΕΡΑΝΗ, 9. (Ρώυτερ). — Ὁ Ἀκαδημαϊκὸς Ἐκπρόσωπος τῆς Περσικῆς κυβερνήσεως ἐδήλωσεν ὅτι ἡ χώρα του ἐπιθυμεῖ τὴν διατήρησιν ὁμαλῶν πολιτικῶν σχέσεων μὲ τὴν Σοβιετικὴν Ἕνωσιν.

Η ΑΠΕΡΓΙΑ ΤΩΝ ΦΑΡΜΑΚΕΥΤΡΙΩΝ ΣΥΝΕΧΙΖΕΤΑΙ ΕΙΣ ΠΑΤΡΑΣ

ΤΕΧΕΡΑΝΗ, 9. (Ρώυτερ). — Ὁ Ἀκαδημαϊκὸς Ἐκπρόσωπος τῆς Περσικῆς κυβερνήσεως ἐδήλωσεν ὅτι ἡ χώρα του ἐπιθυμεῖ τὴν διατήρησιν ὁμαλῶν πολιτικῶν σχέσεων μὲ τὴν Σοβιετικὴν Ἕνωσιν.

ΕΡΓΑΤΙΚΟΙ ΒΟΥΛΕΥΤΑΙ ΖΗΤΟΥΝ ΑΠΑΓΟΡΕΥΣΙΝ ΑΠΟΘΗΚΕΥΣΕΩΣ ΠΥΡΗΝΙΚΩΝ ΚΕΦΑΛΩΝ ΕΙΣ ΤΗΝ ΑΓΓΛΙΑΝ

ΛΟΝΔΙΝΟΝ, 9. (Ρώυτερ) — Βουλευταὶ τοῦ Ἐργατικοῦ κόμματος ζητοῦν τὴν ἀπαγόρευσιν ἀποθηκεύσεως πυρηνικῶν κεφαλῶν εἰς τὴν Ἀγγλίαν, ἐνόψει τῆς τρεχούσης διεθνοῦς καταστάσεως.

ΣΥΝΗΛΘΕ ΧΘΕΣ ΕΙΣ ΣΥΝΕΔΡΙΑΣΙΝ Η ΕΠΙΤΡΟΠΗ ΕΞΟΥΣΙΟΔΟΤΗΣΕΩΣ
Ο ΤΡΟΠΟΣ ΤΗΣ ΛΕΙΤΟΥΡΓΙΑΣ ΤΗΣ

Ἡ Ἐπιτροπὴ Ἐξουσιοδοτήσεως τῆς Βουλῆς συνῆλθε χθὲς εἰς συνεδρίασιν ὑπὸ τὴν προεδρίαν τοῦ κ. Κωνσταντίνου Ροδοπούλου καὶ ἀπεφάσισε τὸν τρόπον τῆς λειτουργίας της κατὰ τὴν διάρκειαν τοῦ θέρους.

Ἡ Ἐπιτροπὴ Ἐξουσιοδοτήσεως τῆς Βουλῆς συνῆλθε χθὲς εἰς συνεδρίασιν ὑπὸ τὴν προεδρίαν τοῦ κ. Κωνσταντίνου Ροδοπούλου καὶ ἀπεφάσισε τὸν τρόπον τῆς λειτουργίας της κατὰ τὴν διάρκειαν τοῦ θέρους.

ΕΞΩΦΛΗΘΗ ΤΟ ΔΑΝΕΙΟΝ ΕΞΑΓΟΡΑΣ ΤΩΝ ΤΡΑΠΕΖΩΝ ΙΟΝΙΚΗ — ΛΑΪΚΗ

Ἡ Ἐπιτροπὴ Ἐξουσιοδοτήσεως τῆς Βουλῆς συνῆλθε χθὲς εἰς συνεδρίασιν ὑπὸ τὴν προεδρίαν τοῦ κ. Κωνσταντίνου Ροδοπούλου καὶ ἀπεφάσισε τὸν τρόπον τῆς λειτουργίας της κατὰ τὴν διάρκειαν τοῦ θέρους.

ΑΠΟΘΕΩΣΙΣ ΦΟΝΟΥ ΔΙΑ ΠΟΛΥΘΡΟΥΣ ΤΟΝ ΚΡΗΤΗΝ ΚΙΝΔΥΝΟΣ ΑΝΤΕΚΔΙΚΗΣΕΩΝ

ΤΕΧΕΡΑΝΗ, 9. (Ρώυτερ). — Ὁ Ἀκαδημαϊκὸς Ἐκπρόσωπος τῆς Περσικῆς κυβερνήσεως ἐδήλωσεν ὅτι ἡ χώρα του ἐπιθυμεῖ τὴν διατήρησιν ὁμαλῶν πολιτικῶν σχέσεων μὲ τὴν Σοβιετικὴν Ἕνωσιν.

ΟΙ ΤΑΥΜΕ ΕΠΙΜΕΝΟΥΝ ΕΙΣ ΤΗΝ ΠΑΡΑΙΤΗΣΙΝ ΕΞ ΑΥΤΟΥ

Ἡ Ἐπιτροπὴ Ἐξουσιοδοτήσεως τῆς Βουλῆς συνῆλθε χθὲς εἰς συνεδρίασιν ὑπὸ τὴν προεδρίαν τοῦ κ. Κωνσταντίνου Ροδοπούλου καὶ ἀπεφάσισε τὸν τρόπον τῆς λειτουργίας της κατὰ τὴν διάρκειαν τοῦ θέρους.

Ο ΑΡΧΙΕΠΙΣΚΟΠΟΣ ΑΜΕΡΙΚΗΣ ΚΑΤΗΓΟΡΕΙ ΤΟΝ ΑΧΙΛΛΕΩΝ

ΤΕΧΕΡΑΝΗ, 9. (Ρώυτερ). — Ὁ Ἀκαδημαϊκὸς Ἐκπρόσωπος τῆς Περσικῆς κυβερνήσεως ἐδήλωσεν ὅτι ἡ χώρα του ἐπιθυμεῖ τὴν διατήρησιν ὁμαλῶν πολιτικῶν σχέσεων μὲ τὴν Σοβιετικὴν Ἕνωσιν.
